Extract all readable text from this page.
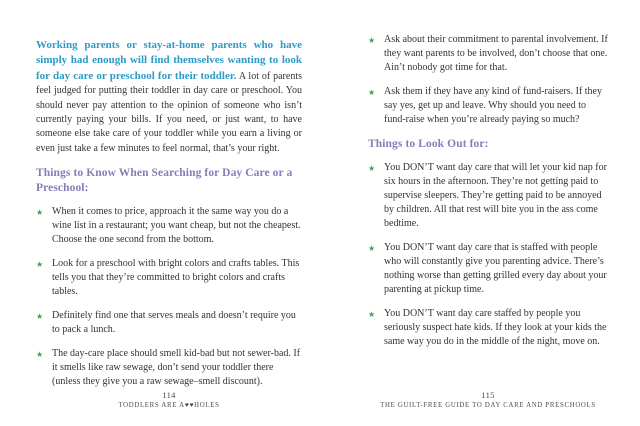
Working parents or stay-at-home parents who have simply had enough will find themselves wanting to look for day care or preschool for their toddler. A lot of parents feel judged for putting their toddler in day care or preschool. You should never pay attention to the opinion of someone who isn’t currently paying your bills. If you need, or just want, to have someone else take care of your toddler while you earn a living or even just take a few minutes to feel normal, that’s your right.

Things to Know When Searching for Day Care or a Preschool:
★ When it comes to price, approach it the same way you do a wine list in a restaurant; you want cheap, but not the cheapest. Choose the one second from the bottom.
★ Look for a preschool with bright colors and crafts tables. This tells you that they’re committed to bright colors and crafts tables.
★ Definitely find one that serves meals and doesn’t require you to pack a lunch.
★ The day-care place should smell kid-bad but not sewer-bad. If it smells like raw sewage, don’t send your toddler there (unless they give you a raw sewage–smell discount).
114
TODDLERS ARE A♥♥HOLES
★ Ask about their commitment to parental involvement. If they want parents to be involved, don’t choose that one. Ain’t nobody got time for that.
★ Ask them if they have any kind of fund-raisers. If they say yes, get up and leave. Why should you need to fund-raise when you’re already paying so much?
Things to Look Out for:
★ You DON’T want day care that will let your kid nap for six hours in the afternoon. They’re not getting paid to supervise sleepers. They’re getting paid to be annoyed by children. All that rest will bite you in the ass come bedtime.
★ You DON’T want day care that is staffed with people who will constantly give you parenting advice. There’s nothing worse than getting grilled every day about your parenting at pickup time.
★ You DON’T want day care staffed by people you seriously suspect hate kids. If they look at your kids the same way you do in the middle of the night, move on.
115
THE GUILT-FREE GUIDE TO DAY CARE AND PRESCHOOLS
